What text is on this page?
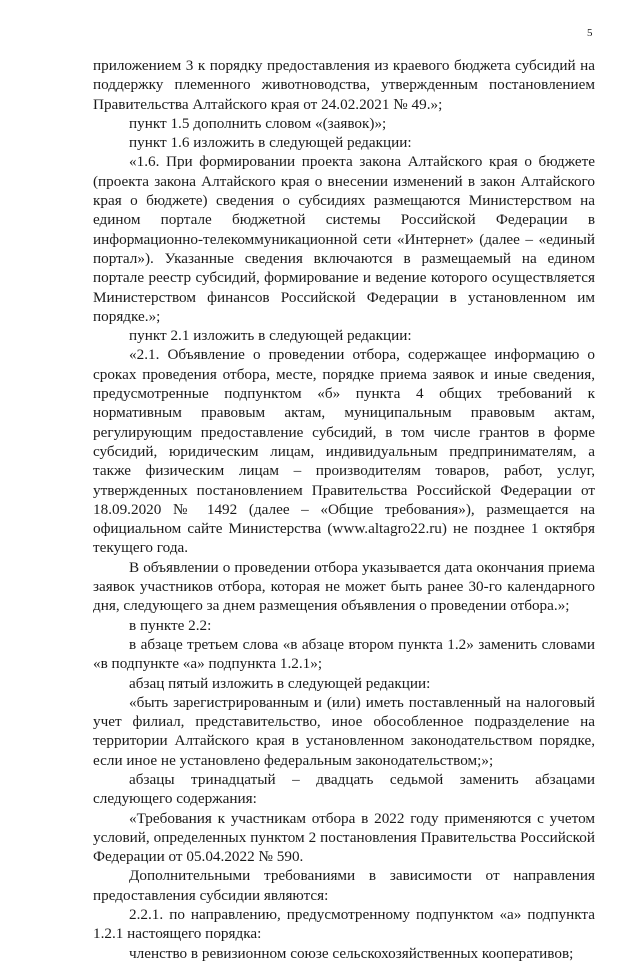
5

приложением 3 к порядку предоставления из краевого бюджета субсидий на поддержку племенного животноводства, утвержденным постановлением Правительства Алтайского края от 24.02.2021 № 49.»;

пункт 1.5 дополнить словом «(заявок)»;

пункт 1.6 изложить в следующей редакции:

«1.6. При формировании проекта закона Алтайского края о бюджете (проекта закона Алтайского края о внесении изменений в закон Алтайского края о бюджете) сведения о субсидиях размещаются Министерством на едином портале бюджетной системы Российской Федерации в информационно-телекоммуникационной сети «Интернет» (далее – «единый портал»). Указанные сведения включаются в размещаемый на едином портале реестр субсидий, формирование и ведение которого осуществляется Министерством финансов Российской Федерации в установленном им порядке.»;

пункт 2.1 изложить в следующей редакции:

«2.1. Объявление о проведении отбора, содержащее информацию о сроках проведения отбора, месте, порядке приема заявок и иные сведения, предусмотренные подпунктом «б» пункта 4 общих требований к нормативным правовым актам, муниципальным правовым актам, регулирующим предоставление субсидий, в том числе грантов в форме субсидий, юридическим лицам, индивидуальным предпринимателям, а также физическим лицам – производителям товаров, работ, услуг, утвержденных постановлением Правительства Российской Федерации от 18.09.2020 № 1492 (далее – «Общие требования»), размещается на официальном сайте Министерства (www.altagro22.ru) не позднее 1 октября текущего года.

В объявлении о проведении отбора указывается дата окончания приема заявок участников отбора, которая не может быть ранее 30-го календарного дня, следующего за днем размещения объявления о проведении отбора.»;

в пункте 2.2:

в абзаце третьем слова «в абзаце втором пункта 1.2» заменить словами «в подпункте «а» подпункта 1.2.1»;

абзац пятый изложить в следующей редакции:

«быть зарегистрированным и (или) иметь поставленный на налоговый учет филиал, представительство, иное обособленное подразделение на территории Алтайского края в установленном законодательством порядке, если иное не установлено федеральным законодательством;»;

абзацы тринадцатый – двадцать седьмой заменить абзацами следующего содержания:

«Требования к участникам отбора в 2022 году применяются с учетом условий, определенных пунктом 2 постановления Правительства Российской Федерации от 05.04.2022 № 590.

Дополнительными требованиями в зависимости от направления предоставления субсидии являются:

2.2.1. по направлению, предусмотренному подпунктом «а» подпункта 1.2.1 настоящего порядка:

членство в ревизионном союзе сельскохозяйственных кооперативов;
